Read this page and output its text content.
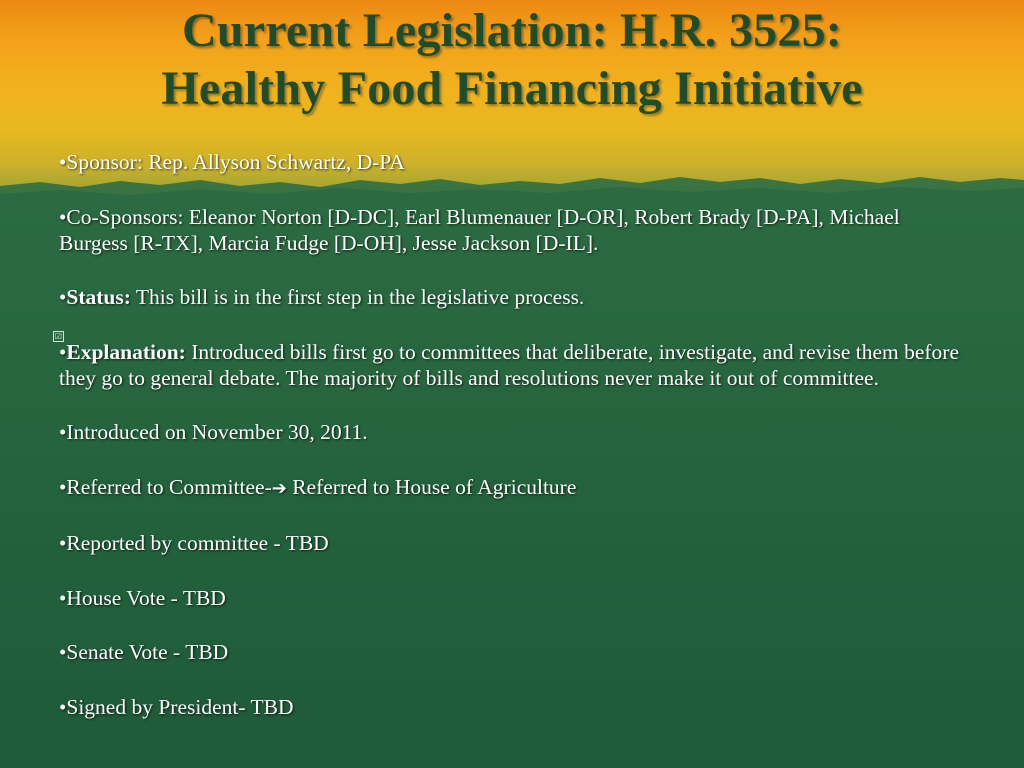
Current Legislation: H.R. 3525:
Healthy Food Financing Initiative
☑
•Sponsor: Rep. Allyson Schwartz, D-PA
•Co-Sponsors: Eleanor Norton [D-DC], Earl Blumenauer [D-OR], Robert Brady [D-PA], Michael Burgess [R-TX], Marcia Fudge [D-OH], Jesse Jackson [D-IL].
•Status: This bill is in the first step in the legislative process.
•Explanation: Introduced bills first go to committees that deliberate, investigate, and revise them before they go to general debate. The majority of bills and resolutions never make it out of committee.
•Introduced on November 30, 2011.
•Referred to Committee-➔ Referred to House of Agriculture
•Reported by committee - TBD
•House Vote - TBD
•Senate Vote - TBD
•Signed by President- TBD
